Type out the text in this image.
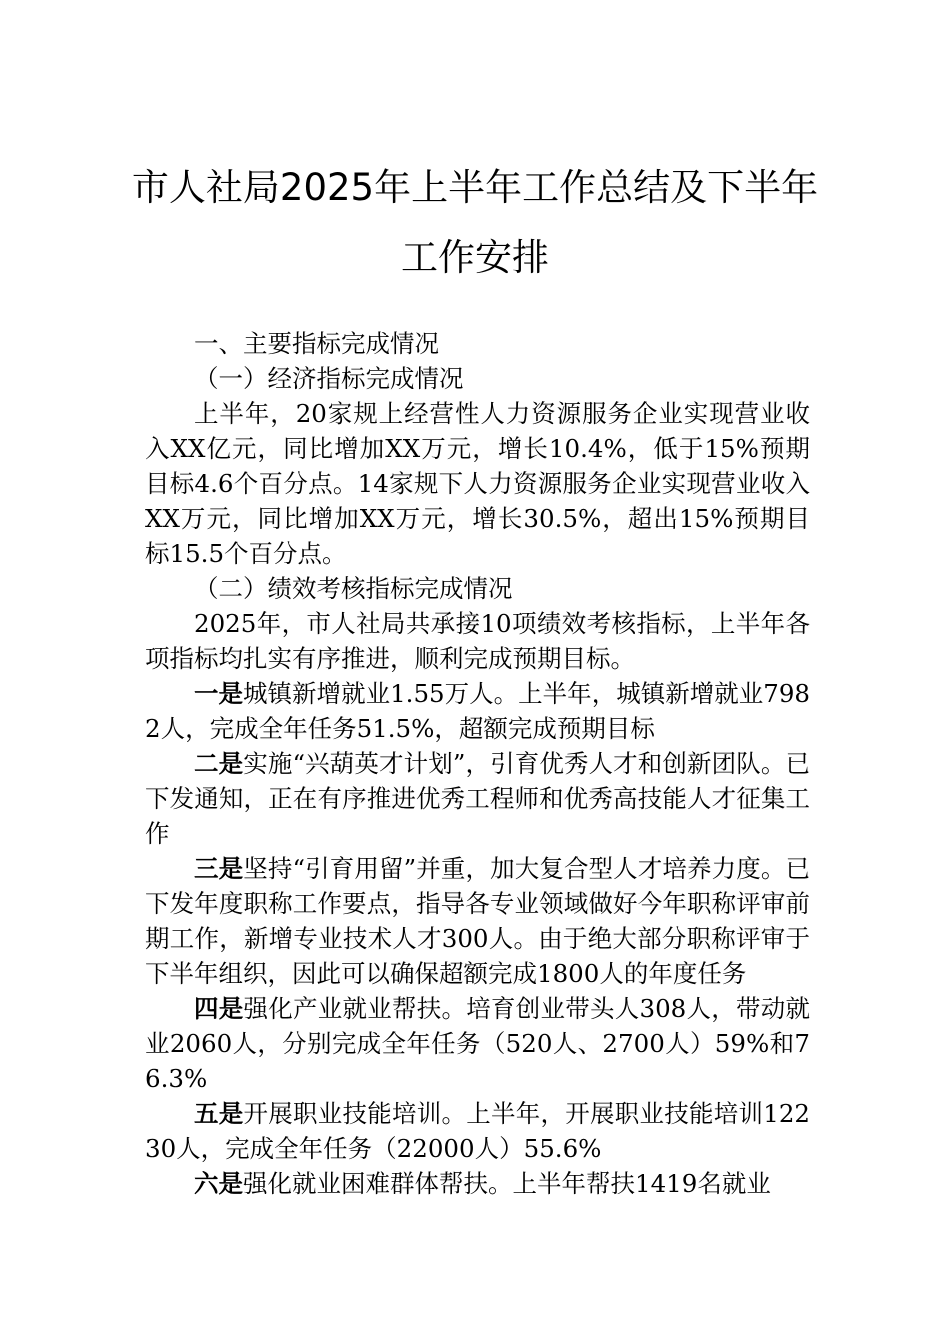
市人社局2025年上半年工作总结及下半年
工作安排

一、主要指标完成情况

（一）经济指标完成情况

上半年，20家规上经营性人力资源服务企业实现营业收入XX亿元，同比增加XX万元，增长10.4%，低于15%预期目标4.6个百分点。14家规下人力资源服务企业实现营业收入XX万元，同比增加XX万元，增长30.5%，超出15%预期目标15.5个百分点。

（二）绩效考核指标完成情况

2025年，市人社局共承接10项绩效考核指标，上半年各项指标均扎实有序推进，顺利完成预期目标。

一是城镇新增就业1.55万人。上半年，城镇新增就业7982人，完成全年任务51.5%，超额完成预期目标

二是实施“兴葫英才计划”，引育优秀人才和创新团队。已下发通知，正在有序推进优秀工程师和优秀高技能人才征集工作

三是坚持“引育用留”并重，加大复合型人才培养力度。已下发年度职称工作要点，指导各专业领域做好今年职称评审前期工作，新增专业技术人才300人。由于绝大部分职称评审于下半年组织，因此可以确保超额完成1800人的年度任务

四是强化产业就业帮扶。培育创业带头人308人，带动就业2060人，分别完成全年任务（520人、2700人）59%和76.3%

五是开展职业技能培训。上半年，开展职业技能培训12230人，完成全年任务（22000人）55.6%

六是强化就业困难群体帮扶。上半年帮扶1419名就业
